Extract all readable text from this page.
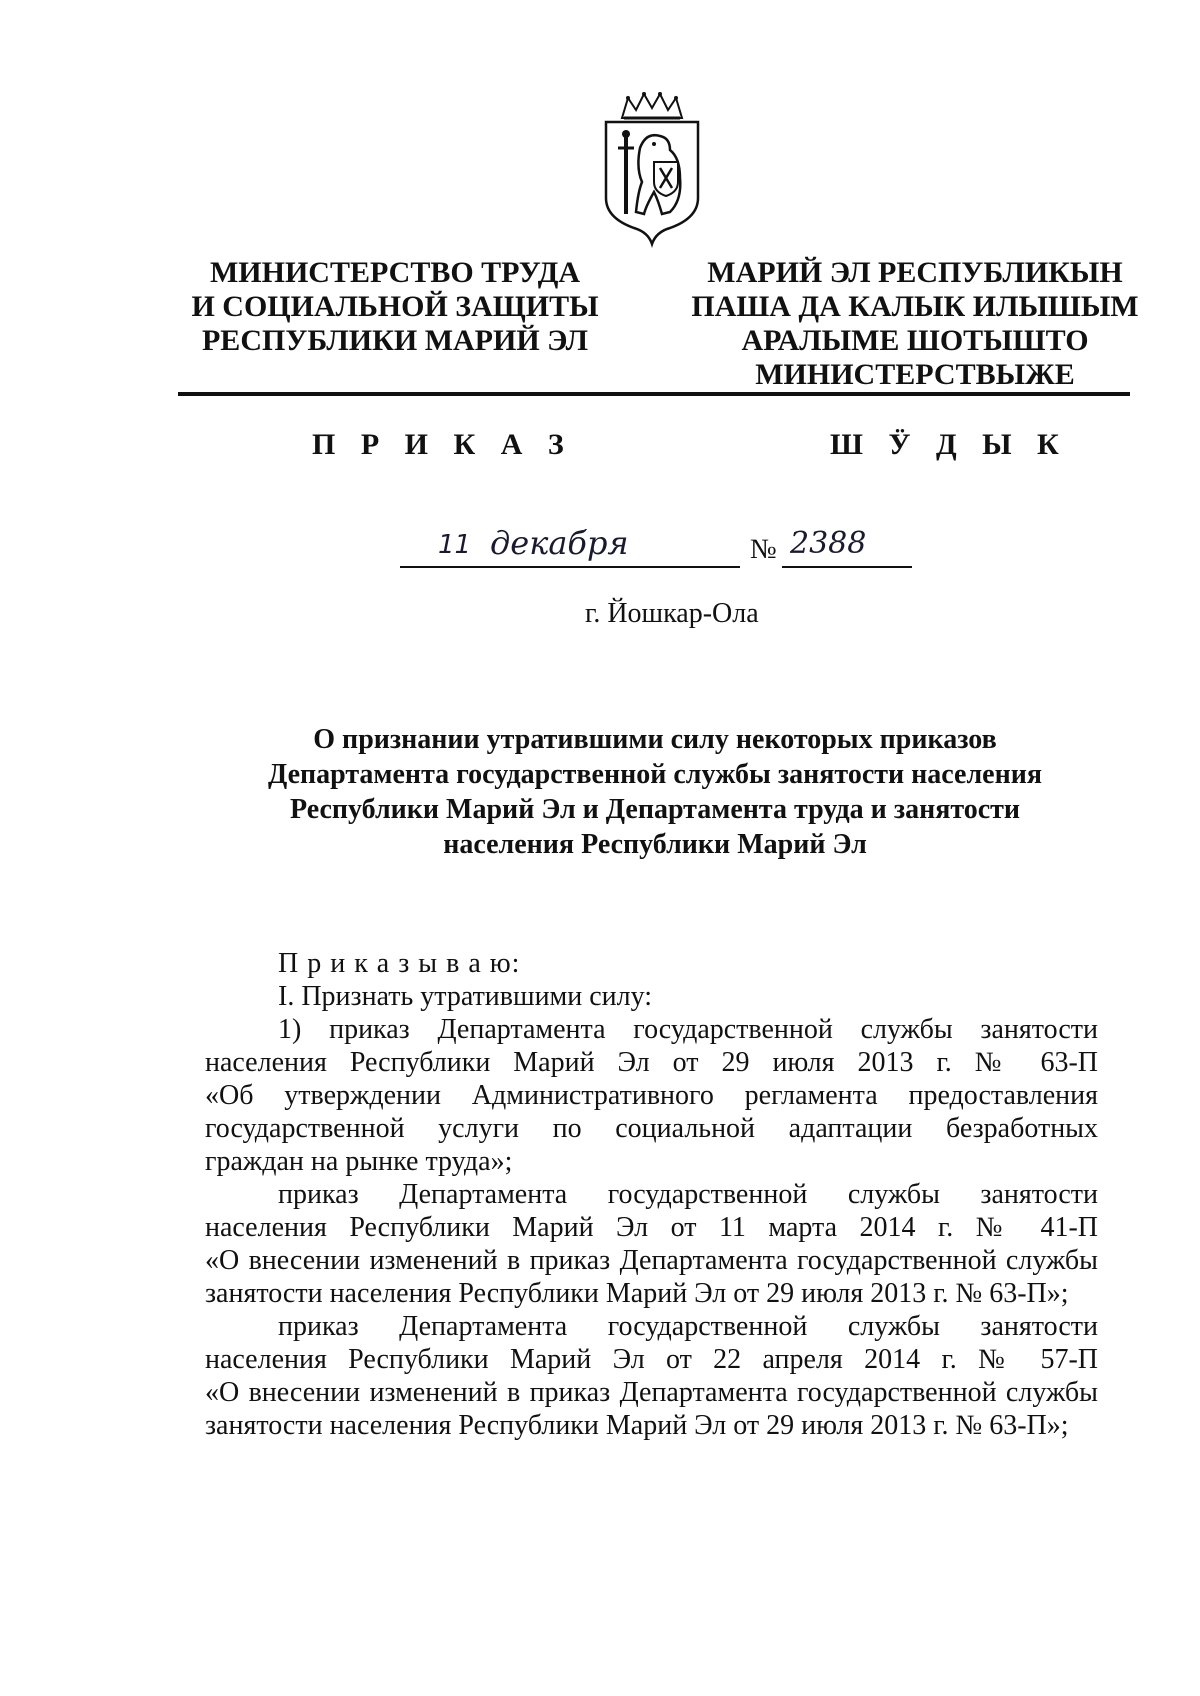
МИНИСТЕРСТВО ТРУДА
И СОЦИАЛЬНОЙ ЗАЩИТЫ
РЕСПУБЛИКИ МАРИЙ ЭЛ
МАРИЙ ЭЛ РЕСПУБЛИКЫН
ПАША ДА КАЛЫК ИЛЫШЫМ
АРАЛЫМЕ ШОТЫШТО
МИНИСТЕРСТВЫЖЕ
П Р И К А З	Ш Ӱ Д Ы К
11 декабря	№ 2388
г. Йошкар-Ола
О признании утратившими силу некоторых приказов
Департамента государственной службы занятости населения
Республики Марий Эл и Департамента труда и занятости
населения Республики Марий Эл
П р и к а з ы в а ю:
I. Признать утратившими силу:

1) приказ Департамента государственной службы занятости

населения Республики Марий Эл от 29 июля 2013 г. № 63-П

«Об утверждении Административного регламента предоставления

государственной услуги по социальной адаптации безработных

граждан на рынке труда»;

приказ Департамента государственной службы занятости

населения Республики Марий Эл от 11 марта 2014 г. № 41-П

«О внесении изменений в приказ Департамента государственной службы

занятости населения Республики Марий Эл от 29 июля 2013 г. № 63-П»;

приказ Департамента государственной службы занятости

населения Республики Марий Эл от 22 апреля 2014 г. № 57-П

«О внесении изменений в приказ Департамента государственной службы

занятости населения Республики Марий Эл от 29 июля 2013 г. № 63-П»;
